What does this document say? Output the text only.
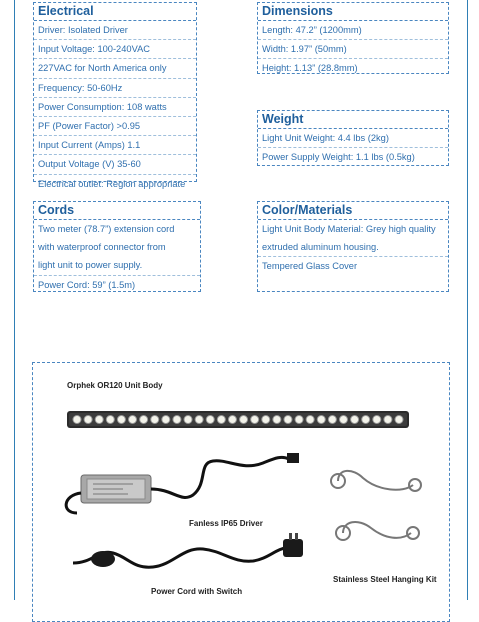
Electrical
Driver: Isolated Driver
Input Voltage: 100-240VAC
227VAC for North America only
Frequency: 50-60Hz
Power Consumption: 108 watts
PF (Power Factor) >0.95
Input Current (Amps) 1.1
Output Voltage (V) 35-60
Electrical outlet: Region appropriate
Dimensions
Length: 47.2” (1200mm)
Width: 1.97” (50mm)
Height: 1.13” (28.8mm)
Weight
Light Unit Weight: 4.4 lbs (2kg)
Power Supply Weight: 1.1 lbs (0.5kg)
Cords
Two meter (78.7”) extension cord
with waterproof connector from
light unit to power supply.
Power Cord: 59” (1.5m)
Color/Materials
Light Unit Body Material: Grey high quality
extruded aluminum housing.
Tempered Glass Cover
Orphek OR120 Unit Body
Fanless IP65 Driver
Stainless Steel Hanging Kit
Power Cord with Switch
